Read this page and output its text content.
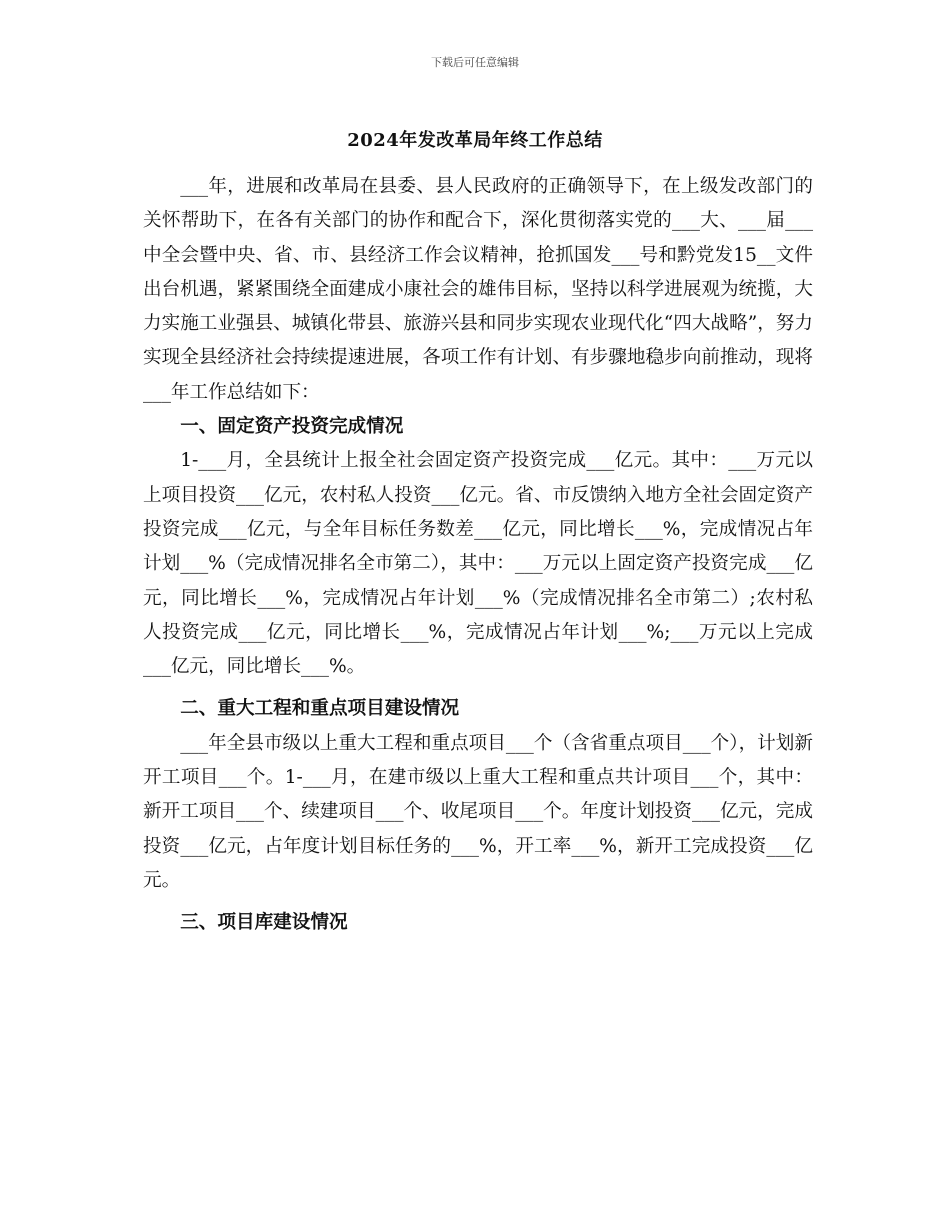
下载后可任意编辑
2024年发改革局年终工作总结

___年，进展和改革局在县委、县人民政府的正确领导下，在上级发改部门的关怀帮助下，在各有关部门的协作和配合下，深化贯彻落实党的___大、___届___中全会暨中央、省、市、县经济工作会议精神，抢抓国发___号和黔党发15__文件出台机遇，紧紧围绕全面建成小康社会的雄伟目标，坚持以科学进展观为统揽，大力实施工业强县、城镇化带县、旅游兴县和同步实现农业现代化“四大战略”，努力实现全县经济社会持续提速进展，各项工作有计划、有步骤地稳步向前推动，现将___年工作总结如下：

一、固定资产投资完成情况

1-___月，全县统计上报全社会固定资产投资完成___亿元。其中：___万元以上项目投资___亿元，农村私人投资___亿元。省、市反馈纳入地方全社会固定资产投资完成___亿元，与全年目标任务数差___亿元，同比增长___%，完成情况占年计划___%（完成情况排名全市第二），其中：___万元以上固定资产投资完成___亿元，同比增长___%，完成情况占年计划___%（完成情况排名全市第二）;农村私人投资完成___亿元，同比增长___%，完成情况占年计划___%;___万元以上完成___亿元，同比增长___%。

二、重大工程和重点项目建设情况

___年全县市级以上重大工程和重点项目___个（含省重点项目___个），计划新开工项目___个。1-___月，在建市级以上重大工程和重点共计项目___个，其中：新开工项目___个、续建项目___个、收尾项目___个。年度计划投资___亿元，完成投资___亿元，占年度计划目标任务的___%，开工率___%，新开工完成投资___亿元。

三、项目库建设情况
